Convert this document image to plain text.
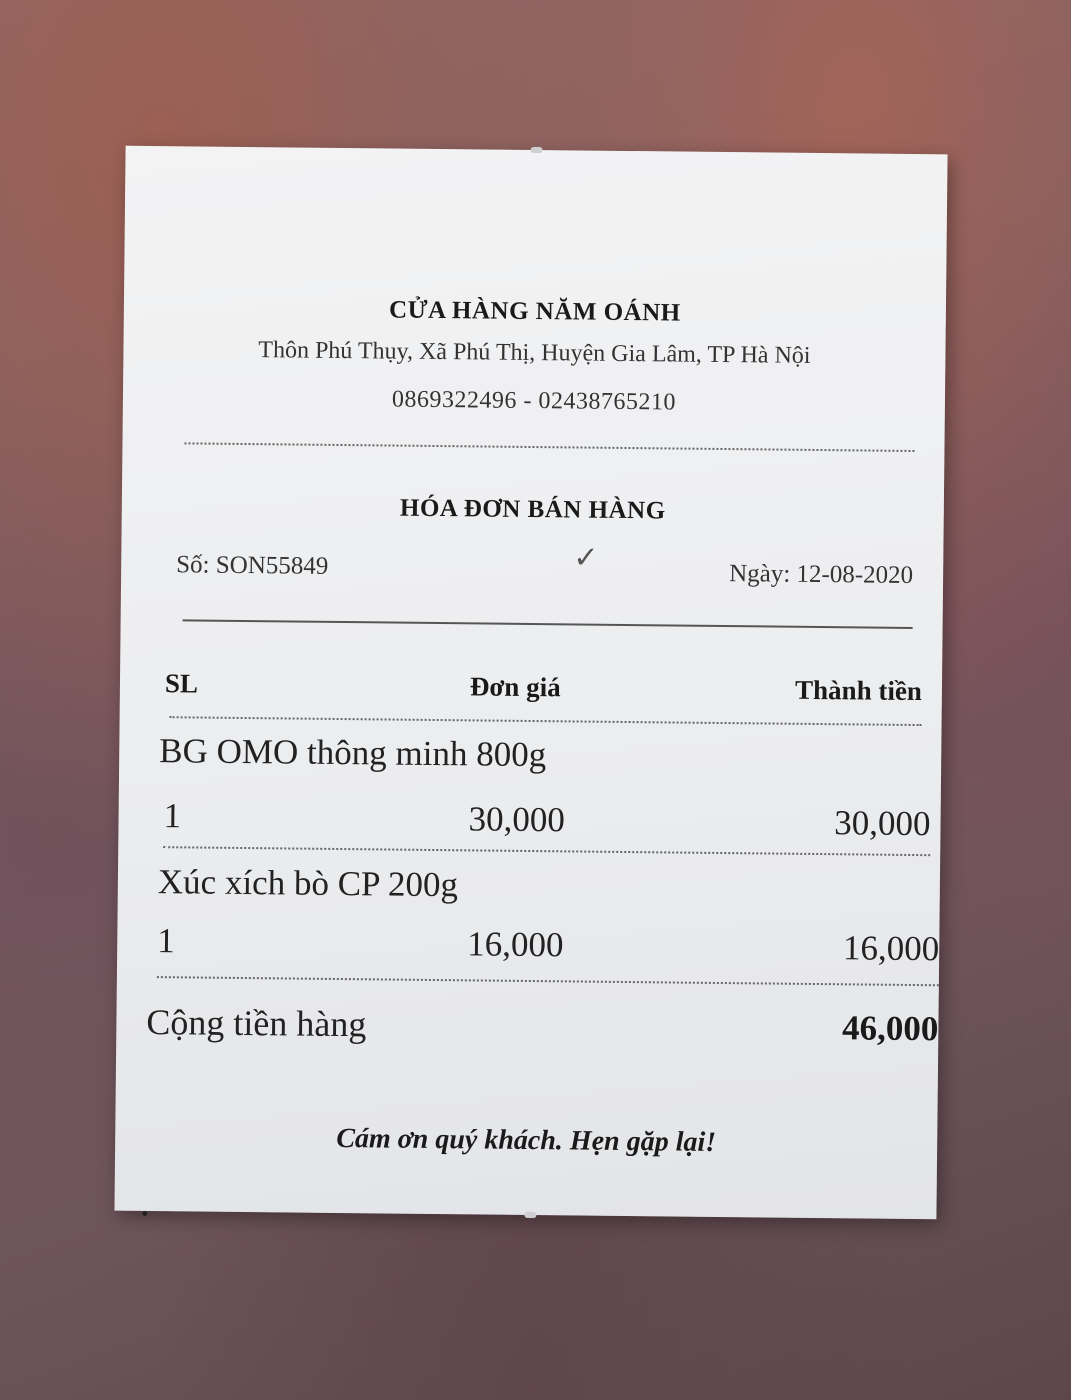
CỬA HÀNG NĂM OÁNH
Thôn Phú Thụy, Xã Phú Thị, Huyện Gia Lâm, TP Hà Nội
0869322496 - 02438765210
HÓA ĐƠN BÁN HÀNG
Số: SON55849	✓	Ngày: 12-08-2020
SL	Đơn giá	Thành tiền
BG OMO thông minh 800g
1	30,000	30,000
Xúc xích bò CP 200g
1	16,000	16,000
Cộng tiền hàng	46,000
Cám ơn quý khách. Hẹn gặp lại!
